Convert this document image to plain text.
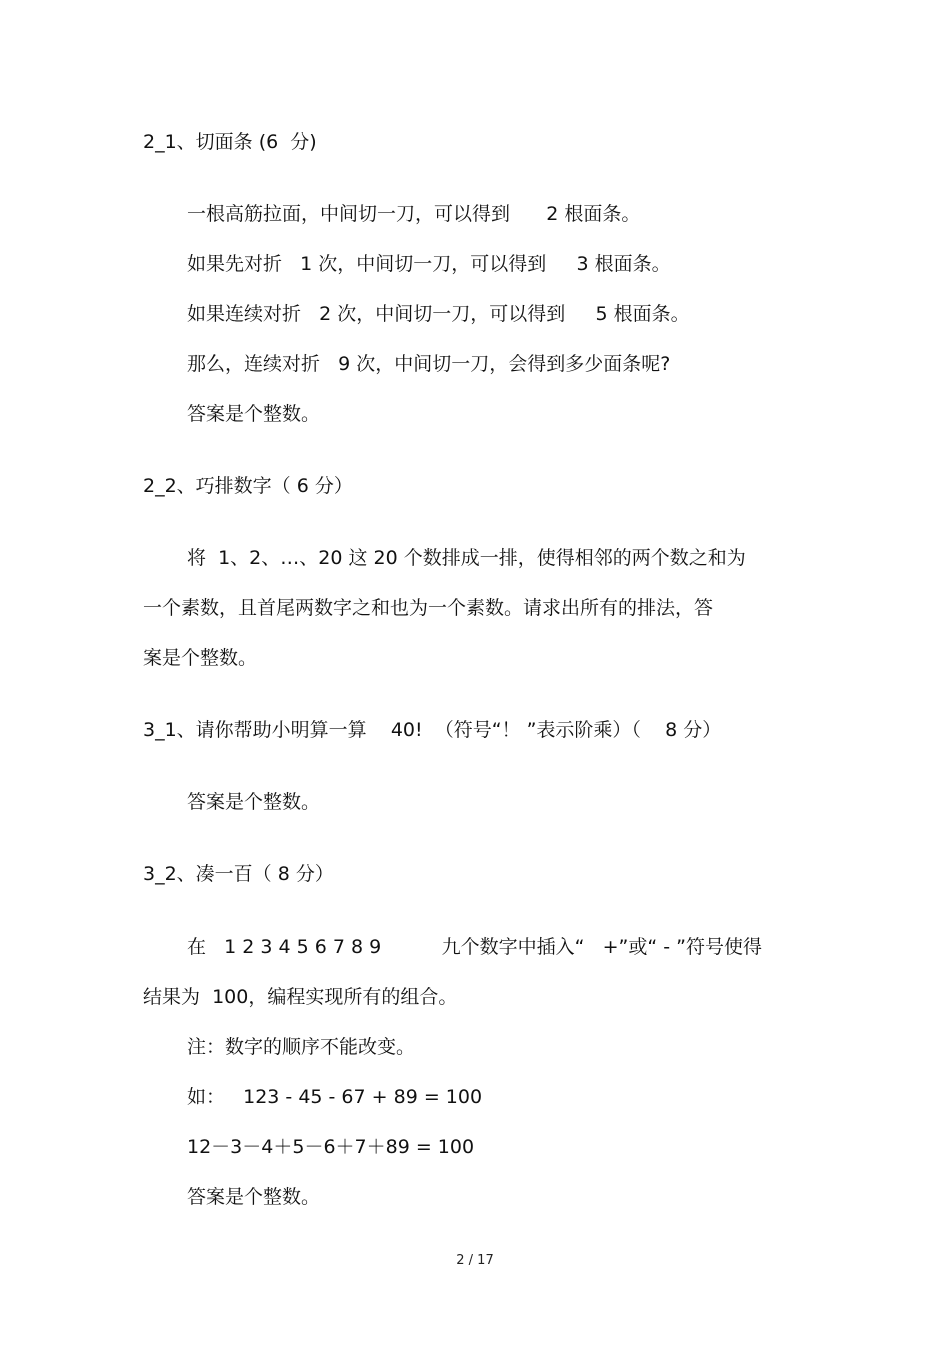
2_1、切面条 (6  分)
一根高筋拉面，中间切一刀，可以得到      2 根面条。
如果先对折   1 次，中间切一刀，可以得到     3 根面条。
如果连续对折   2 次，中间切一刀，可以得到     5 根面条。
那么，连续对折   9 次，中间切一刀，会得到多少面条呢?
答案是个整数。
2_2、巧排数字（ 6 分）
将  1、2、…、20 这 20 个数排成一排，使得相邻的两个数之和为
一个素数，且首尾两数字之和也为一个素数。请求出所有的排法，答
案是个整数。
3_1、请你帮助小明算一算    40!  （符号“！ ”表示阶乘）（    8 分）
答案是个整数。
3_2、凑一百（ 8 分）
在   1 2 3 4 5 6 7 8 9          九个数字中插入“   +”或“ - ”符号使得
结果为  100，编程实现所有的组合。
注：数字的顺序不能改变。
如：   123 - 45 - 67 + 89 = 100
12－3－4＋5－6＋7＋89 = 100
答案是个整数。
2 / 17
